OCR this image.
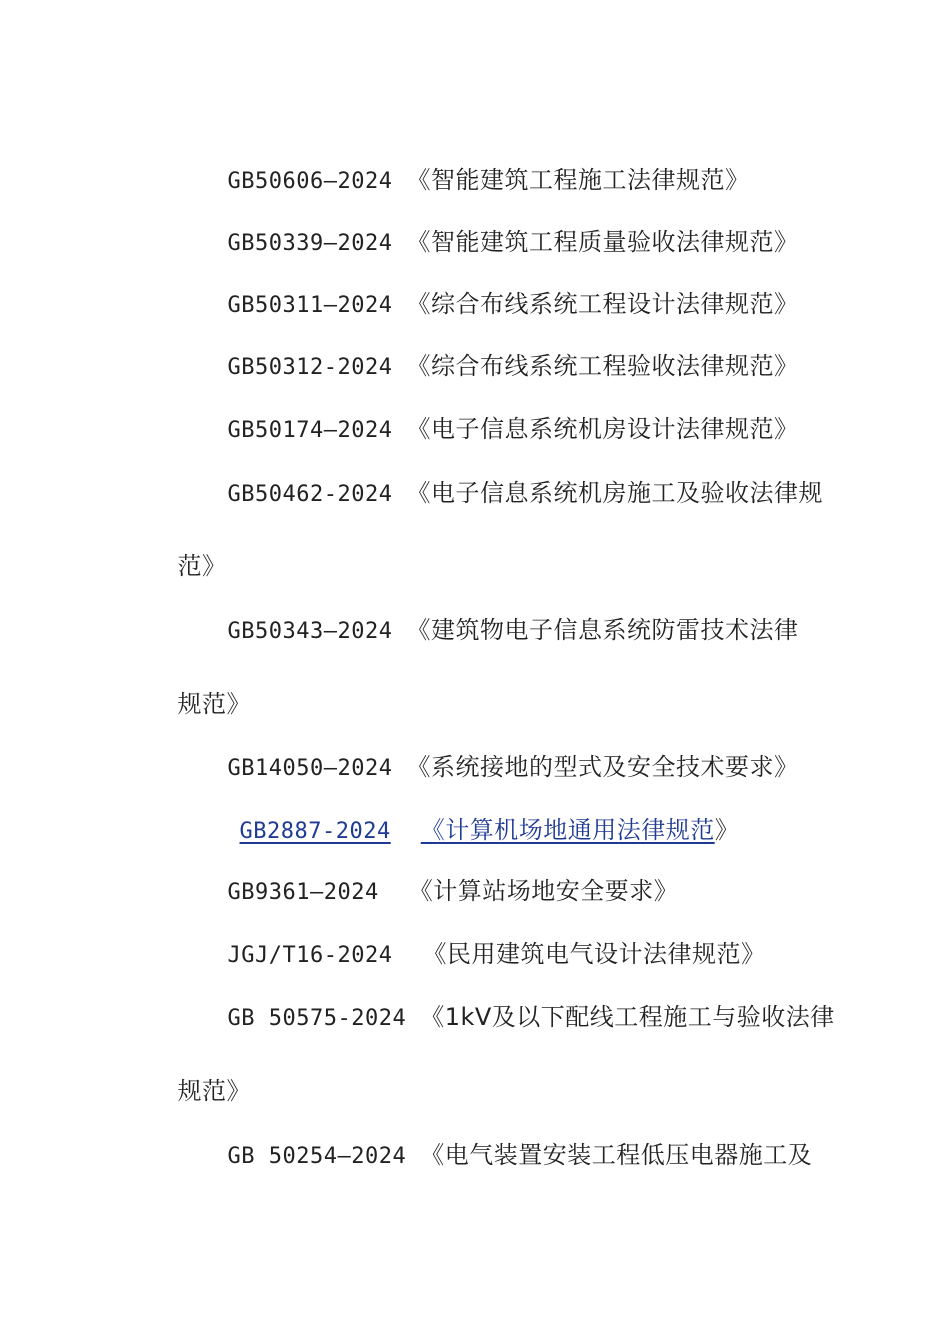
GB50606—2024 《智能建筑工程施工法律规范》

GB50339—2024 《智能建筑工程质量验收法律规范》

GB50311—2024 《综合布线系统工程设计法律规范》

GB50312-2024 《综合布线系统工程验收法律规范》

GB50174—2024 《电子信息系统机房设计法律规范》

GB50462-2024 《电子信息系统机房施工及验收法律规

范》

GB50343—2024 《建筑物电子信息系统防雷技术法律

规范》

GB14050—2024 《系统接地的型式及安全技术要求》

GB2887-2024 《计算机场地通用法律规范》

GB9361—2024 《计算站场地安全要求》

JGJ/T16-2024 《民用建筑电气设计法律规范》

GB 50575-2024 《1kV及以下配线工程施工与验收法律

规范》

GB 50254—2024 《电气装置安装工程低压电器施工及
